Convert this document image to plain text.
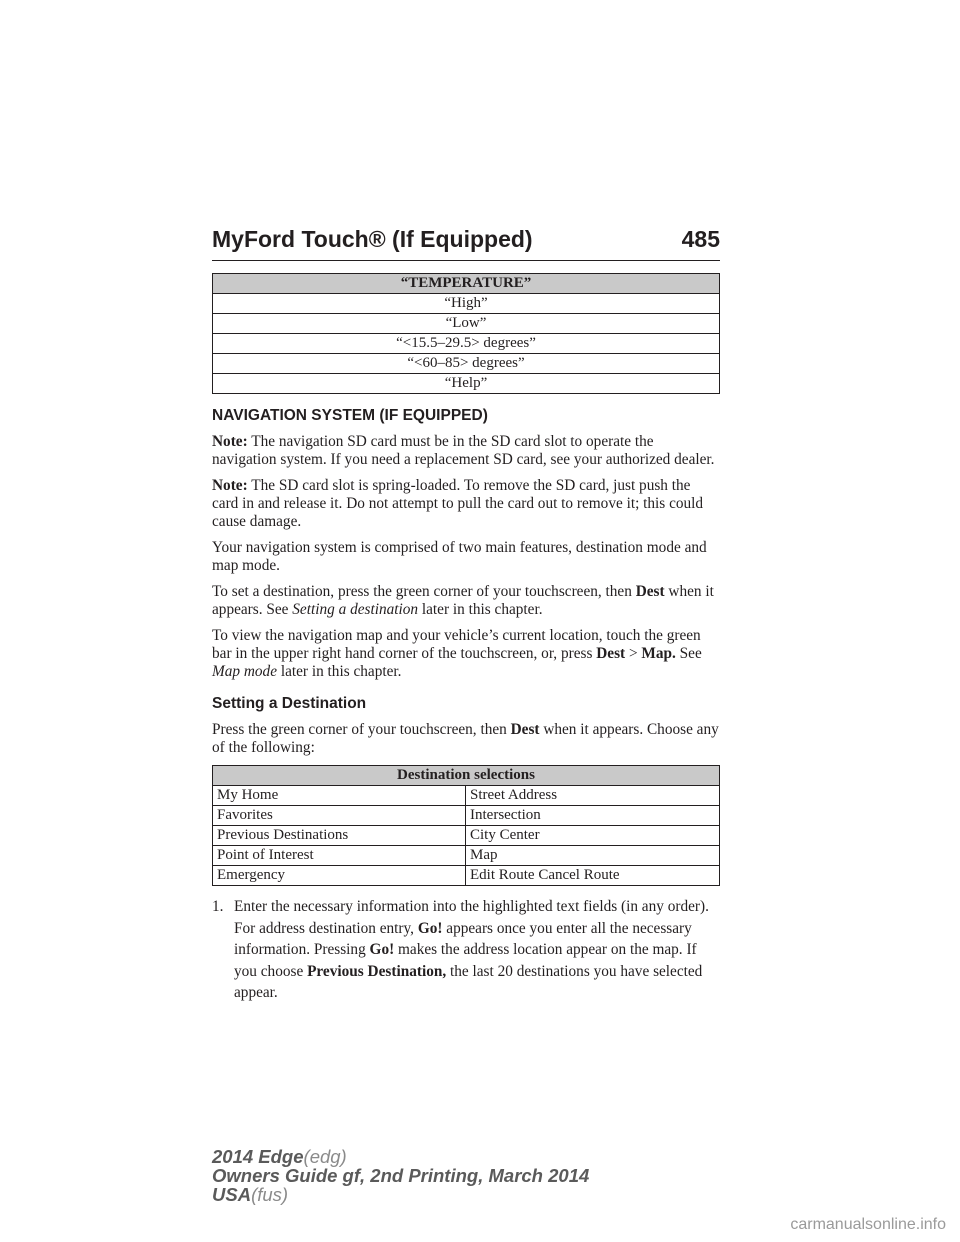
MyFord Touch® (If Equipped)	485
“TEMPERATURE”
“High”
“Low”
“<15.5–29.5> degrees”
“<60–85> degrees”
“Help”
NAVIGATION SYSTEM (IF EQUIPPED)

Note: The navigation SD card must be in the SD card slot to operate the navigation system. If you need a replacement SD card, see your authorized dealer.

Note: The SD card slot is spring-loaded. To remove the SD card, just push the card in and release it. Do not attempt to pull the card out to remove it; this could cause damage.

Your navigation system is comprised of two main features, destination mode and map mode.

To set a destination, press the green corner of your touchscreen, then Dest when it appears. See Setting a destination later in this chapter.

To view the navigation map and your vehicle’s current location, touch the green bar in the upper right hand corner of the touchscreen, or, press Dest > Map. See Map mode later in this chapter.

Setting a Destination

Press the green corner of your touchscreen, then Dest when it appears. Choose any of the following:

Destination selections	
My Home	Street Address
Favorites	Intersection
Previous Destinations	City Center
Point of Interest	Map
Emergency	Edit Route Cancel Route
1. Enter the necessary information into the highlighted text fields (in any order). For address destination entry, Go! appears once you enter all the necessary information. Pressing Go! makes the address location appear on the map. If you choose Previous Destination, the last 20 destinations you have selected appear.
2014 Edge(edg)
Owners Guide gf, 2nd Printing, March 2014
USA(fus)
carmanualsonline.info
